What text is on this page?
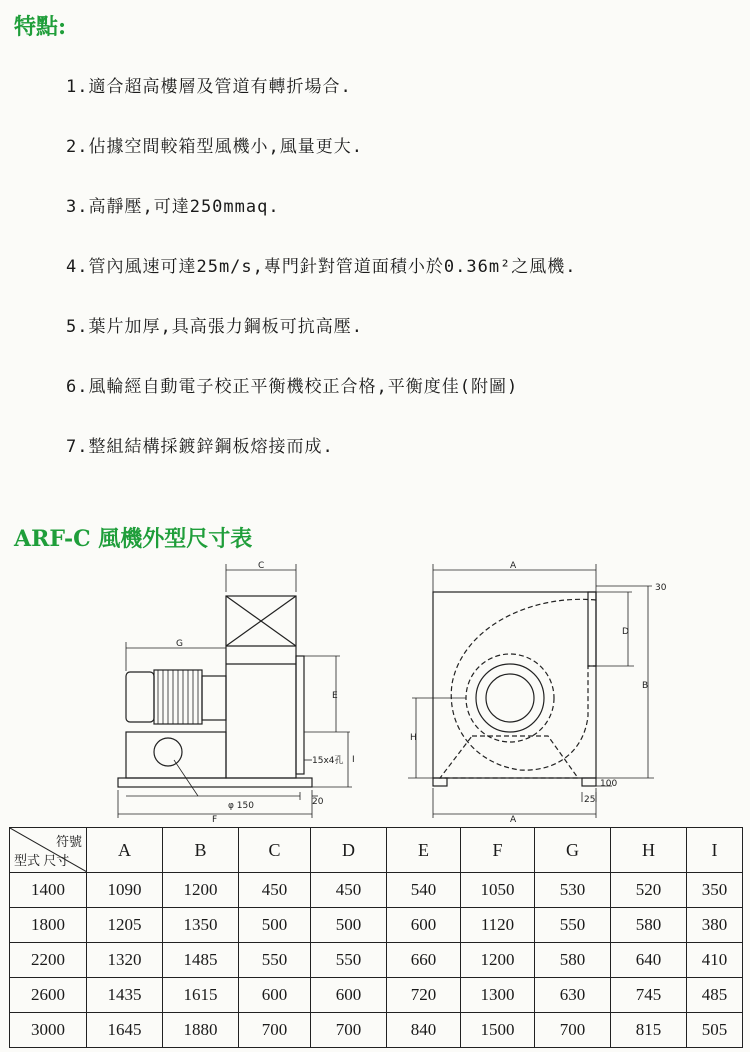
特點:
1.適合超高樓層及管道有轉折場合.
2.佔據空間較箱型風機小,風量更大.
3.高靜壓,可達250mmaq.
4.管內風速可達25m/s,專門針對管道面積小於0.36m²之風機.
5.葉片加厚,具高張力鋼板可抗高壓.
6.風輪經自動電子校正平衡機校正合格,平衡度佳(附圖)
7.整組結構採鍍鋅鋼板熔接而成.
ARF-C 風機外型尺寸表
C
G
E
I
15x4孔
φ 150	20
F
A
30
D
B
H
100
25
A
符號
型式 尺寸	A	B	C	D	E	F	G	H	I
1400	1090	1200	450	450	540	1050	530	520	350
1800	1205	1350	500	500	600	1120	550	580	380
2200	1320	1485	550	550	660	1200	580	640	410
2600	1435	1615	600	600	720	1300	630	745	485
3000	1645	1880	700	700	840	1500	700	815	505
